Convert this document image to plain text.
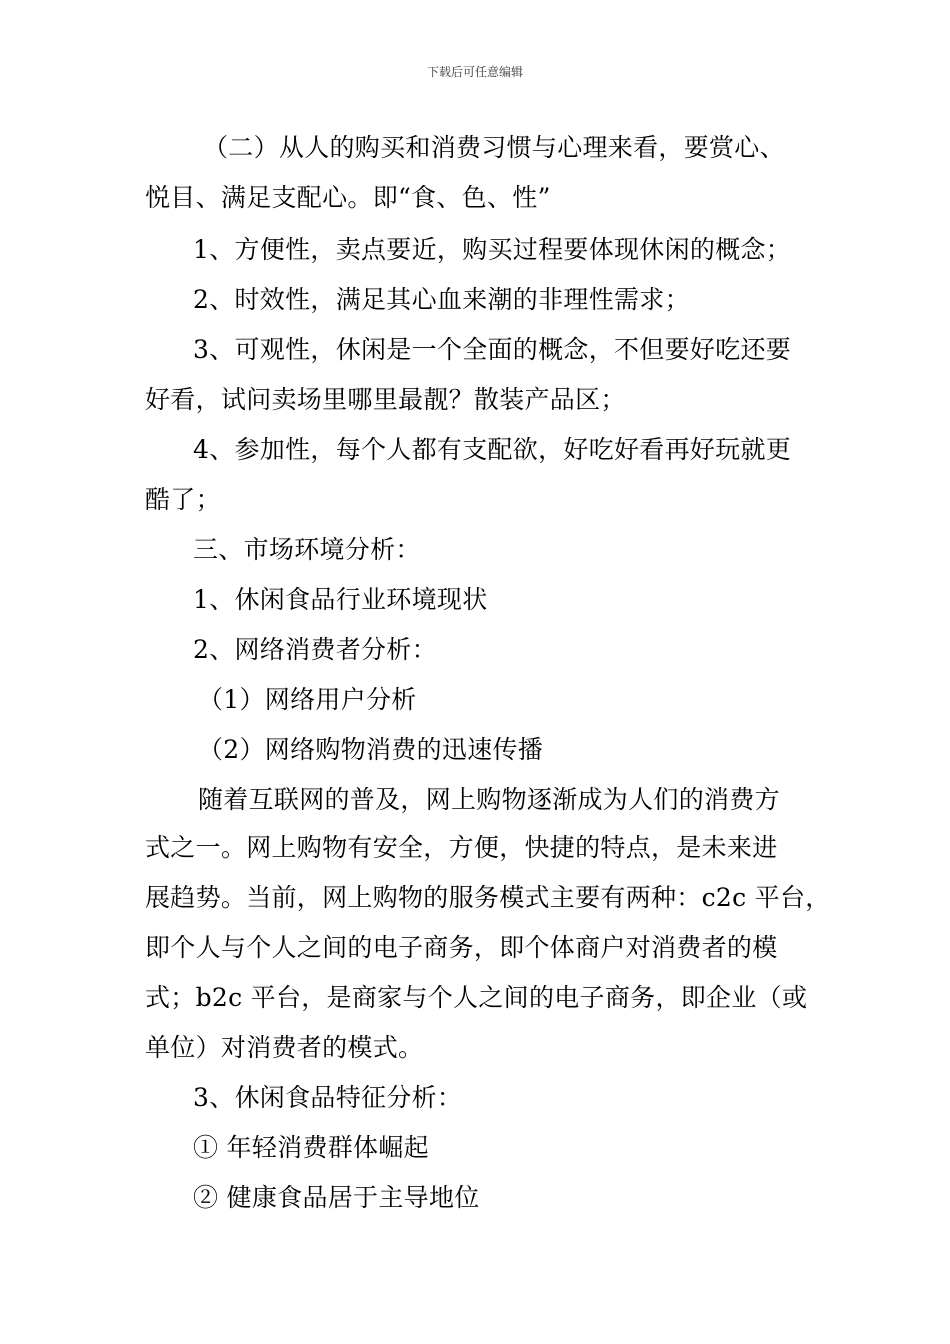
下载后可任意编辑
（二）从人的购买和消费习惯与心理来看，要赏心、
悦目、满足支配心。即“食、色、性”
1、方便性，卖点要近，购买过程要体现休闲的概念；
2、时效性，满足其心血来潮的非理性需求；
3、可观性，休闲是一个全面的概念，不但要好吃还要
好看，试问卖场里哪里最靓？散装产品区；
4、参加性，每个人都有支配欲，好吃好看再好玩就更
酷了；
三、市场环境分析：
1、休闲食品行业环境现状
2、网络消费者分析：
（1）网络用户分析
（2）网络购物消费的迅速传播
随着互联网的普及，网上购物逐渐成为人们的消费方
式之一。网上购物有安全，方便，快捷的特点，是未来进
展趋势。当前，网上购物的服务模式主要有两种：c2c 平台，
即个人与个人之间的电子商务，即个体商户对消费者的模
式；b2c 平台，是商家与个人之间的电子商务，即企业（或
单位）对消费者的模式。
3、休闲食品特征分析：
① 年轻消费群体崛起
② 健康食品居于主导地位
